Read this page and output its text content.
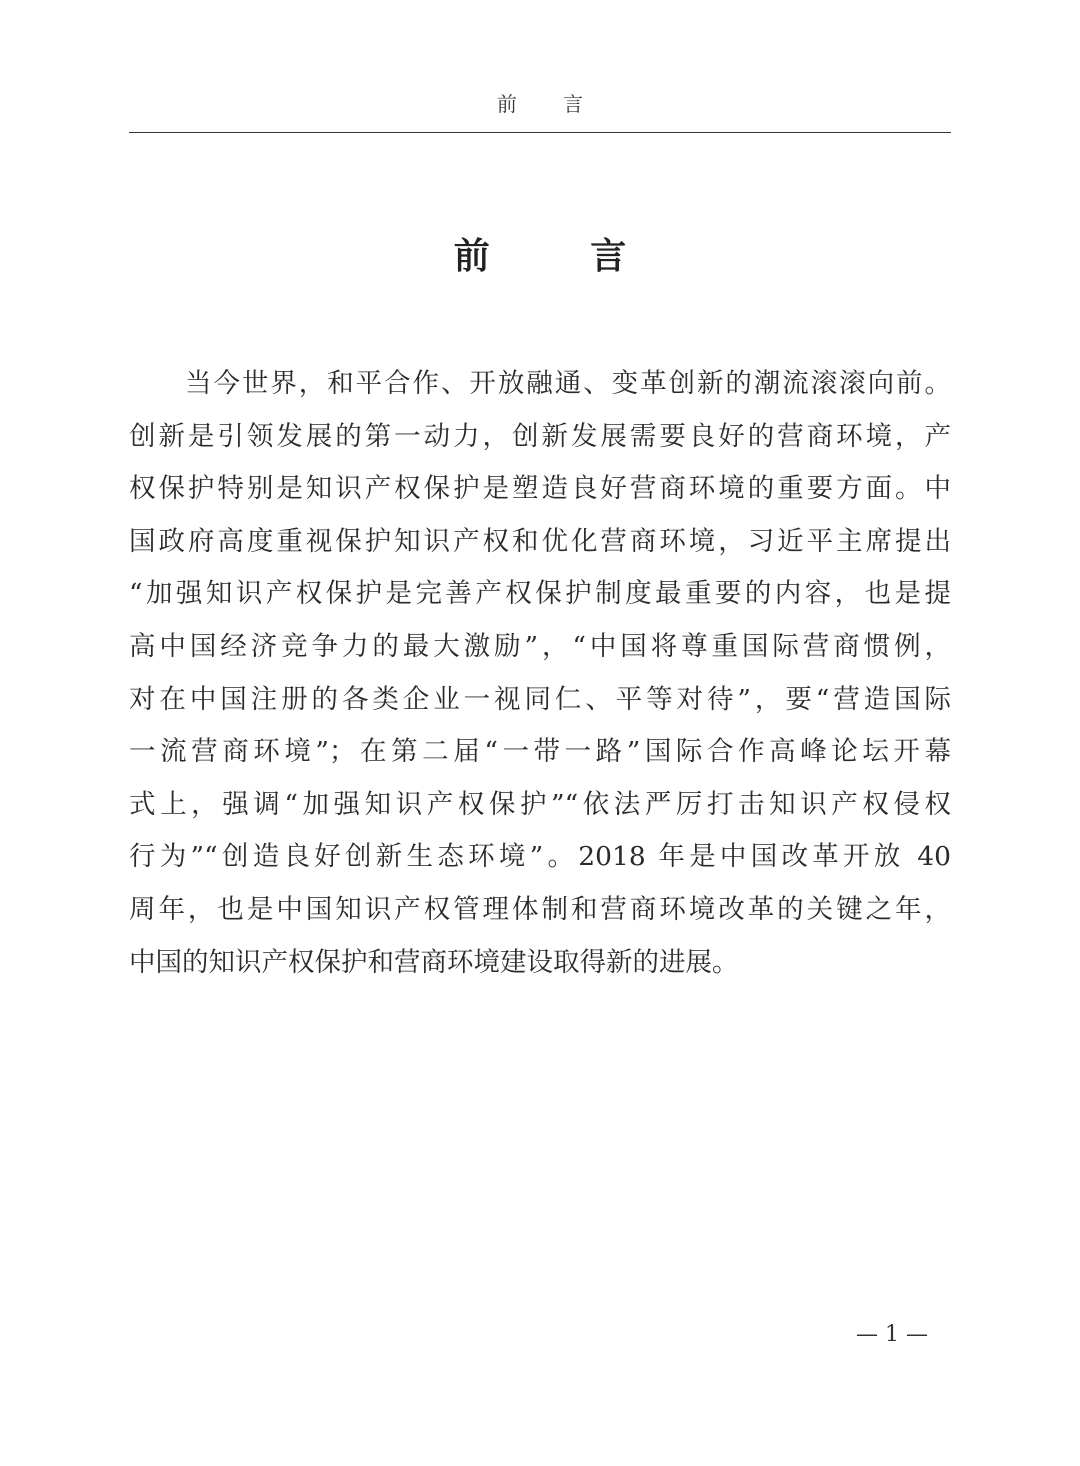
前 言
前 言
当今世界，和平合作、开放融通、变革创新的潮流滚滚向前。
创新是引领发展的第一动力，创新发展需要良好的营商环境，产
权保护特别是知识产权保护是塑造良好营商环境的重要方面。中
国政府高度重视保护知识产权和优化营商环境，习近平主席提出
“加强知识产权保护是完善产权保护制度最重要的内容，也是提
高中国经济竞争力的最大激励”，“中国将尊重国际营商惯例，
对在中国注册的各类企业一视同仁、平等对待”，要“营造国际
一流营商环境”；在第二届“一带一路”国际合作高峰论坛开幕
式上，强调“加强知识产权保护”“依法严厉打击知识产权侵权
行为”“创造良好创新生态环境”。2018 年是中国改革开放 40
周年，也是中国知识产权管理体制和营商环境改革的关键之年，
中国的知识产权保护和营商环境建设取得新的进展。
— 1 —
